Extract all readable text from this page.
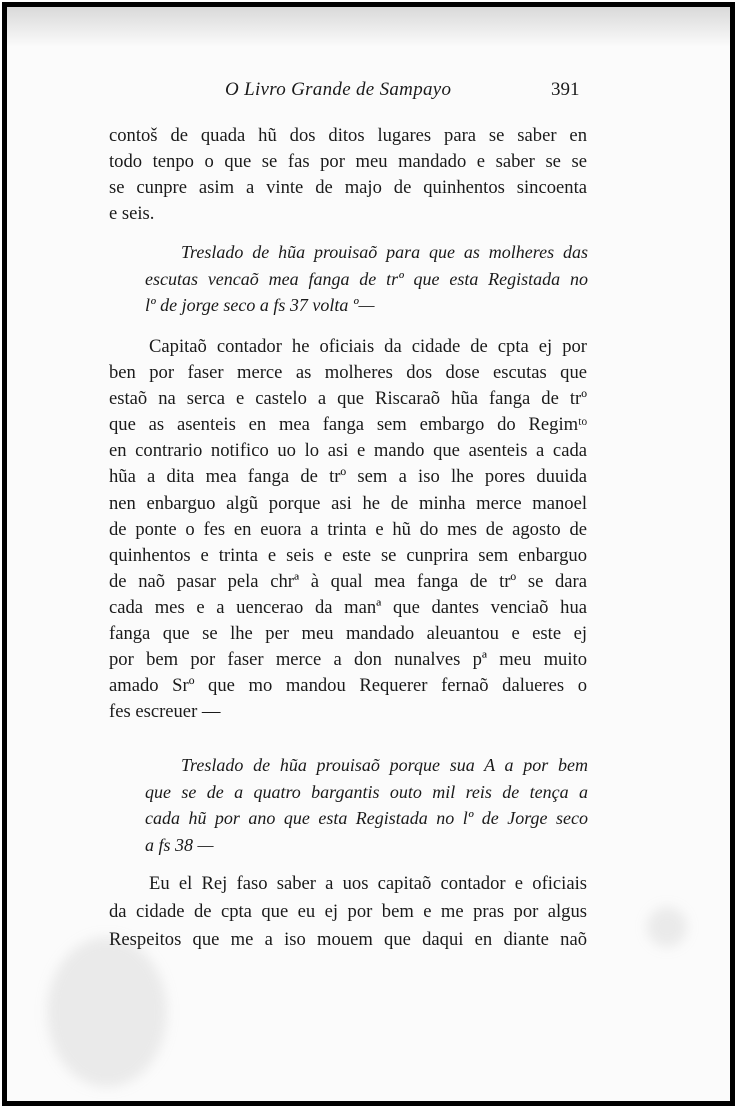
O Livro Grande de Sampayo	391
contoš de quada hũ dos ditos lugares para se saber en
todo tenpo o que se fas por meu mandado e saber se se
se cunpre asim a vinte de majo de quinhentos sincoenta
e seis.
Treslado de hũa prouisaõ para que as molheres das
escutas vencaõ mea fanga de trº que esta Registada no
lº de jorge seco a fs 37 volta º—
Capitaõ contador he oficiais da cidade de cpta ej por
ben por faser merce as molheres dos dose escutas que
estaõ na serca e castelo a que Riscaraõ hũa fanga de trº
que as asenteis en mea fanga sem embargo do Regimᵗᵒ
en contrario notifico uo lo asi e mando que asenteis a cada
hũa a dita mea fanga de trº sem a iso lhe pores duuida
nen enbarguo algũ porque asi he de minha merce manoel
de ponte o fes en euora a trinta e hũ do mes de agosto de
quinhentos e trinta e seis e este se cunprira sem enbarguo
de naõ pasar pela chrª à qual mea fanga de trº se dara
cada mes e a uencerao da manª que dantes venciaõ hua
fanga que se lhe per meu mandado aleuantou e este ej
por bem por faser merce a don nunalves pª meu muito
amado Srº que mo mandou Requerer fernaõ dalueres o
fes escreuer —
Treslado de hũa prouisaõ porque sua A a por bem
que se de a quatro bargantis outo mil reis de tença a
cada hũ por ano que esta Registada no lº de Jorge seco
a fs 38 —
Eu el Rej faso saber a uos capitaõ contador e oficiais
da cidade de cpta que eu ej por bem e me pras por algus
Respeitos que me a iso mouem que daqui en diante naõ
